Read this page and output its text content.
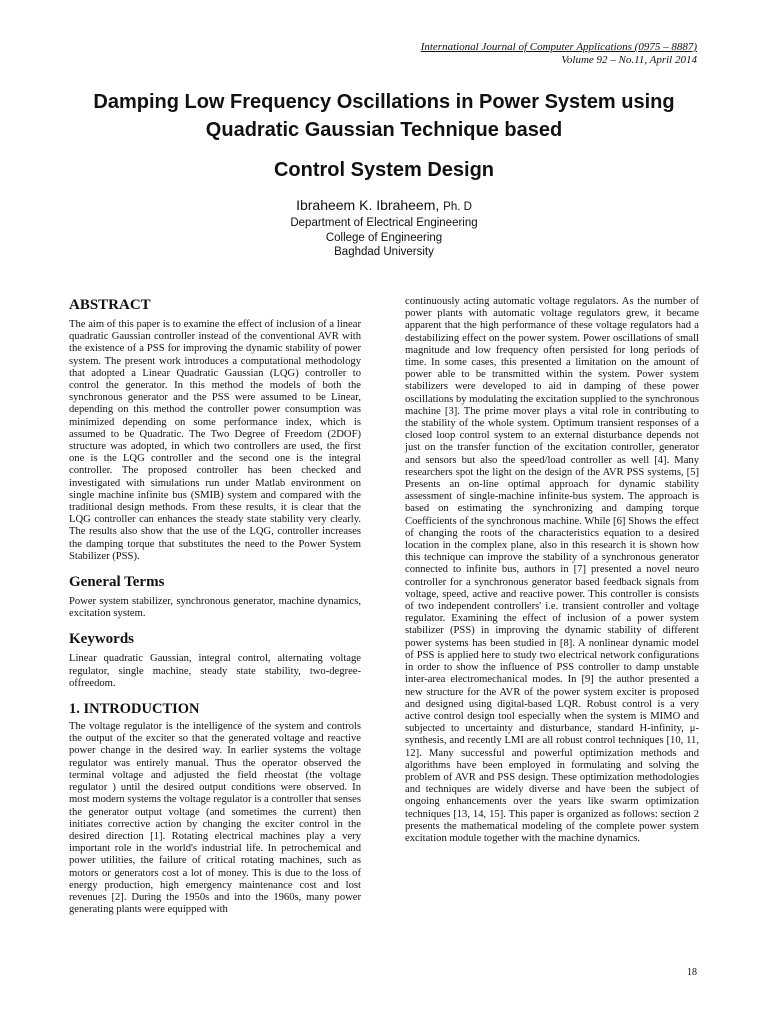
International Journal of Computer Applications (0975 – 8887)
Volume 92 – No.11, April 2014
Damping Low Frequency Oscillations in Power System using Quadratic Gaussian Technique based
Control System Design
Ibraheem K. Ibraheem, Ph. D
Department of Electrical Engineering
College of Engineering
Baghdad University
ABSTRACT

The aim of this paper is to examine the effect of inclusion of a linear quadratic Gaussian controller instead of the conventional AVR with the existence of a PSS for improving the dynamic stability of power system. The present work introduces a computational methodology that adopted a Linear Quadratic Gaussian (LQG) controller to control the generator. In this method the models of both the synchronous generator and the PSS were assumed to be Linear, depending on this method the controller power consumption was minimized depending on some performance index, which is assumed to be Quadratic. The Two Degree of Freedom (2DOF) structure was adopted, in which two controllers are used, the first one is the LQG controller and the second one is the integral controller. The proposed controller has been checked and investigated with simulations run under Matlab environment on single machine infinite bus (SMIB) system and compared with the traditional design methods. From these results, it is clear that the LQG controller can enhances the steady state stability very clearly. The results also show that the use of the LQG, controller increases the damping torque that substitutes the need to the Power System Stabilizer (PSS).

General Terms

Power system stabilizer, synchronous generator, machine dynamics, excitation system.

Keywords

Linear quadratic Gaussian, integral control, alternating voltage regulator, single machine, steady state stability, two-degree-offreedom.

1. INTRODUCTION

The voltage regulator is the intelligence of the system and controls the output of the exciter so that the generated voltage and reactive power change in the desired way. In earlier systems the voltage regulator was entirely manual. Thus the operator observed the terminal voltage and adjusted the field rheostat (the voltage regulator ) until the desired output conditions were observed. In most modern systems the voltage regulator is a controller that senses the generator output voltage (and sometimes the current) then initiates corrective action by changing the exciter control in the desired direction [1]. Rotating electrical machines play a very important role in the world's industrial life. In petrochemical and power utilities, the failure of critical rotating machines, such as motors or generators cost a lot of money. This is due to the loss of energy production, high emergency maintenance cost and lost revenues [2]. During the 1950s and into the 1960s, many power generating plants were equipped with

continuously acting automatic voltage regulators. As the number of power plants with automatic voltage regulators grew, it became apparent that the high performance of these voltage regulators had a destabilizing effect on the power system. Power oscillations of small magnitude and low frequency often persisted for long periods of time. In some cases, this presented a limitation on the amount of power able to be transmitted within the system. Power system stabilizers were developed to aid in damping of these power oscillations by modulating the excitation supplied to the synchronous machine [3]. The prime mover plays a vital role in contributing to the stability of the whole system. Optimum transient responses of a closed loop control system to an external disturbance depends not just on the transfer function of the excitation controller, generator and sensors but also the speed/load controller as well [4]. Many researchers spot the light on the design of the AVR PSS systems, [5] Presents an on-line optimal approach for dynamic stability assessment of single-machine infinite-bus system. The approach is based on estimating the synchronizing and damping torque Coefficients of the synchronous machine. While [6] Shows the effect of changing the roots of the characteristics equation to a desired location in the complex plane, also in this research it is shown how this technique can improve the stability of a synchronous generator connected to infinite bus, authors in [7] presented a novel neuro controller for a synchronous generator based feedback signals from voltage, speed, active and reactive power. This controller is consists of two independent controllers' i.e. transient controller and voltage regulator. Examining the effect of inclusion of a power system stabilizer (PSS) in improving the dynamic stability of different power systems has been studied in [8]. A nonlinear dynamic model of PSS is applied here to study two electrical network configurations in order to show the influence of PSS controller to damp unstable inter-area electromechanical modes. In [9] the author presented a new structure for the AVR of the power system exciter is proposed and designed using digital-based LQR. Robust control is a very active control design tool especially when the system is MIMO and subjected to uncertainty and disturbance, standard H-infinity, μ-synthesis, and recently LMI are all robust control techniques [10, 11, 12]. Many successful and powerful optimization methods and algorithms have been employed in formulating and solving the problem of AVR and PSS design. These optimization methodologies and techniques are widely diverse and have been the subject of ongoing enhancements over the years like swarm optimization techniques [13, 14, 15]. This paper is organized as follows: section 2 presents the mathematical modeling of the complete power system excitation module together with the machine dynamics.

18
